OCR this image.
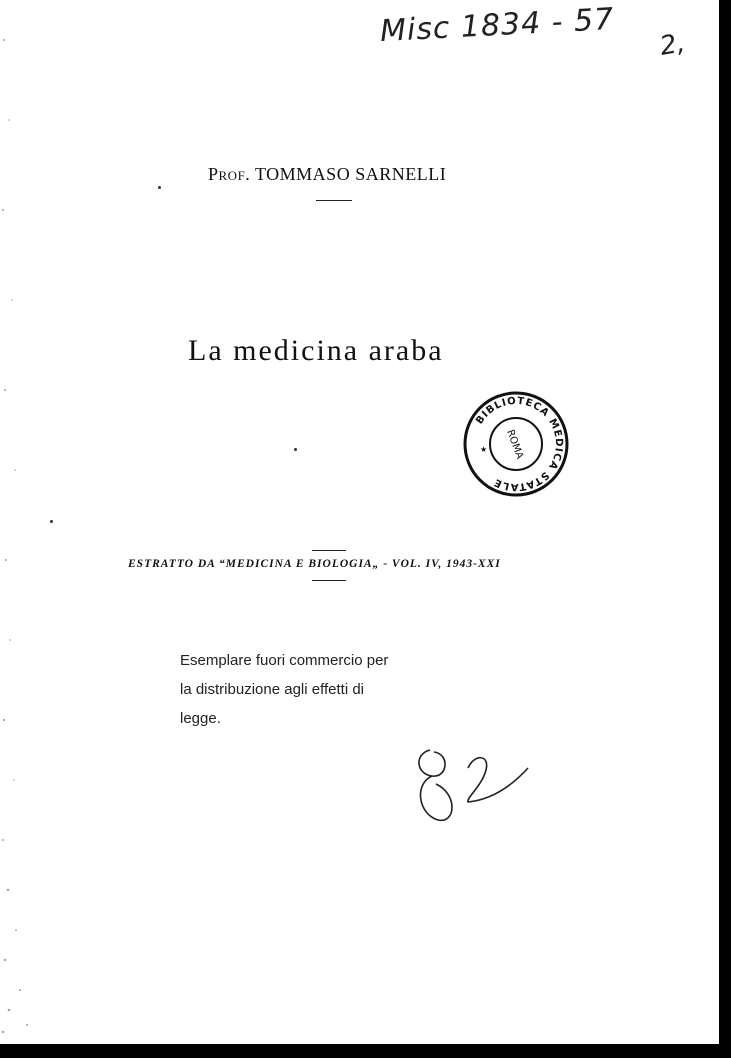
Misc 1834 - 57 2,
Prof. TOMMASO SARNELLI
La medicina araba
BIBLIOTECA MEDICA STATALE
ROMA
★
ESTRATTO DA “MEDICINA E BIOLOGIA„ - VOL. IV, 1943-XXI
Esemplare fuori commercio per
la distribuzione agli effetti di
legge.
